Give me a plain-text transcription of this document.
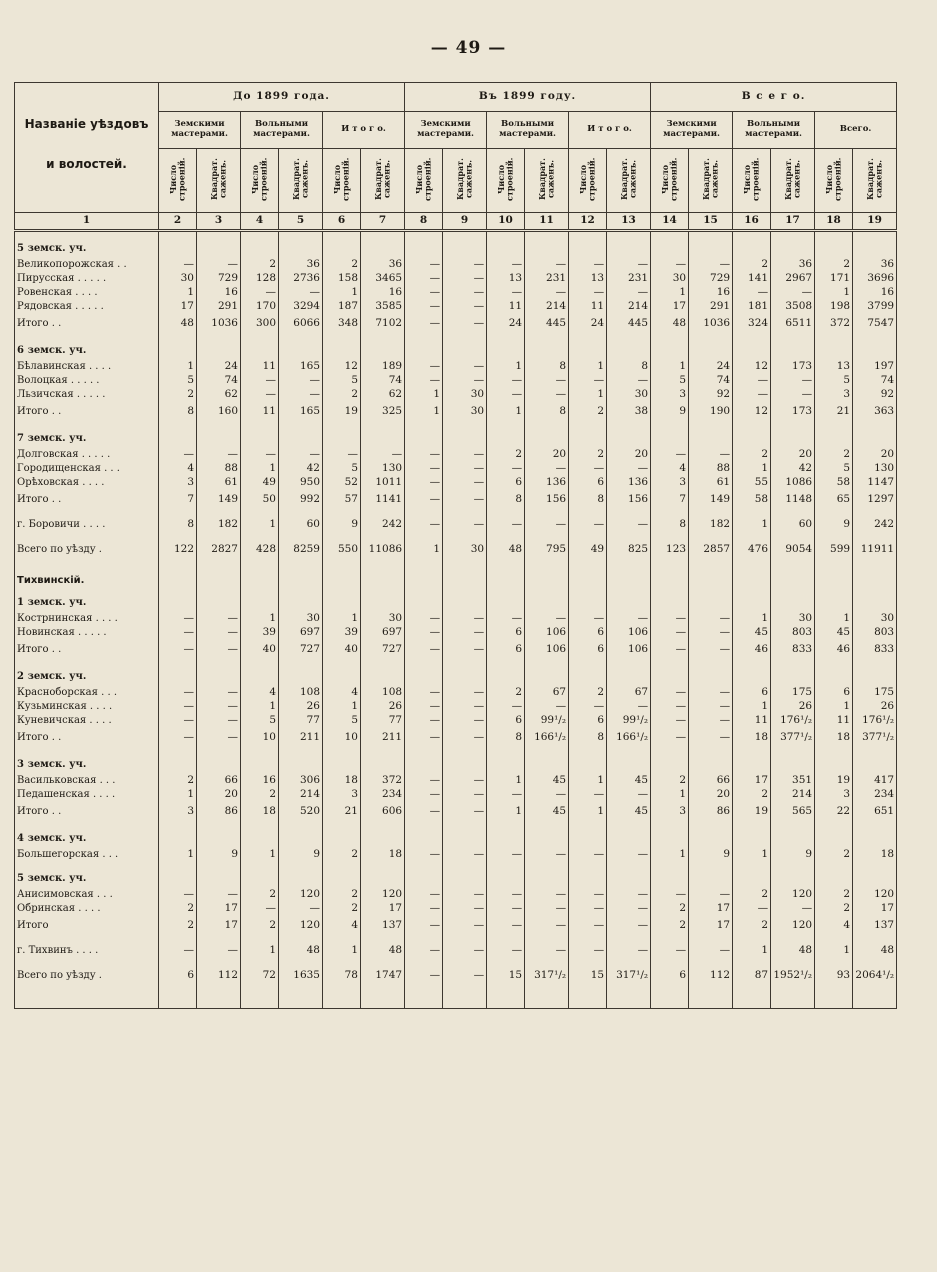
— 49 —
Названіе уѣздовъ
и волостей.	До 1899 года.						Въ 1899 году.						В с е г о.					
	Земскими мастерами.		Вольными мастерами.		И т о г о.		Земскими мастерами.		Вольными мастерами.		И т о г о.		Земскими мастерами.		Вольными мастерами.		Всего.	
	Число строеній.	Квадрат. саженъ.	Число строеній.	Квадрат. саженъ.	Число строеній.	Квадрат. саженъ.	Число строеній.	Квадрат. саженъ.	Число строеній.	Квадрат. саженъ.	Число строеній.	Квадрат. саженъ.	Число строеній.	Квадрат. саженъ.	Число строеній.	Квадрат. саженъ.	Число строеній.	Квадрат. саженъ.
1	2	3	4	5	6	7	8	9	10	11	12	13	14	15	16	17	18	19

5 земск. уч.																		
Великопорожская . .	—	—	2	36	2	36	—	—	—	—	—	—	—	—	2	36	2	36
Пирусская . . . . .	30	729	128	2736	158	3465	—	—	13	231	13	231	30	729	141	2967	171	3696
Ровенская . . . .	1	16	—	—	1	16	—	—	—	—	—	—	1	16	—	—	1	16
Рядовская . . . . .	17	291	170	3294	187	3585	—	—	11	214	11	214	17	291	181	3508	198	3799
Итого . .	48	1036	300	6066	348	7102	—	—	24	445	24	445	48	1036	324	6511	372	7547

6 земск. уч.																		
Бѣлавинская . . . .	1	24	11	165	12	189	—	—	1	8	1	8	1	24	12	173	13	197
Волоцкая . . . . .	5	74	—	—	5	74	—	—	—	—	—	—	5	74	—	—	5	74
Льзичская . . . . .	2	62	—	—	2	62	1	30	—	—	1	30	3	92	—	—	3	92
Итого . .	8	160	11	165	19	325	1	30	1	8	2	38	9	190	12	173	21	363

7 земск. уч.																		
Долговская . . . . .	—	—	—	—	—	—	—	—	2	20	2	20	—	—	2	20	2	20
Городищенская . . .	4	88	1	42	5	130	—	—	—	—	—	—	4	88	1	42	5	130
Орѣховская . . . .	3	61	49	950	52	1011	—	—	6	136	6	136	3	61	55	1086	58	1147
Итого . .	7	149	50	992	57	1141	—	—	8	156	8	156	7	149	58	1148	65	1297

г. Боровичи . . . .	8	182	1	60	9	242	—	—	—	—	—	—	8	182	1	60	9	242

Всего по уѣзду .	122	2827	428	8259	550	11086	1	30	48	795	49	825	123	2857	476	9054	599	11911

Тихвинскій.																		
1 земск. уч.																		
Кострнинская . . . .	—	—	1	30	1	30	—	—	—	—	—	—	—	—	1	30	1	30
Новинская . . . . .	—	—	39	697	39	697	—	—	6	106	6	106	—	—	45	803	45	803
Итого . .	—	—	40	727	40	727	—	—	6	106	6	106	—	—	46	833	46	833

2 земск. уч.																		
Красноборская . . .	—	—	4	108	4	108	—	—	2	67	2	67	—	—	6	175	6	175
Кузьминская . . . .	—	—	1	26	1	26	—	—	—	—	—	—	—	—	1	26	1	26
Куневичская . . . .	—	—	5	77	5	77	—	—	6	99¹/₂	6	99¹/₂	—	—	11	176¹/₂	11	176¹/₂
Итого . .	—	—	10	211	10	211	—	—	8	166¹/₂	8	166¹/₂	—	—	18	377¹/₂	18	377¹/₂

3 земск. уч.																		
Васильковская . . .	2	66	16	306	18	372	—	—	1	45	1	45	2	66	17	351	19	417
Педашенская . . . .	1	20	2	214	3	234	—	—	—	—	—	—	1	20	2	214	3	234
Итого . .	3	86	18	520	21	606	—	—	1	45	1	45	3	86	19	565	22	651

4 земск. уч.																		
Большегорская . . .	1	9	1	9	2	18	—	—	—	—	—	—	1	9	1	9	2	18

5 земск. уч.																		
Анисимовская . . .	—	—	2	120	2	120	—	—	—	—	—	—	—	—	2	120	2	120
Обринская . . . .	2	17	—	—	2	17	—	—	—	—	—	—	2	17	—	—	2	17
Итого	2	17	2	120	4	137	—	—	—	—	—	—	2	17	2	120	4	137

г. Тихвинъ . . . .	—	—	1	48	1	48	—	—	—	—	—	—	—	—	1	48	1	48

Всего по уѣзду .	6	112	72	1635	78	1747	—	—	15	317¹/₂	15	317¹/₂	6	112	87	1952¹/₂	93	2064¹/₂
